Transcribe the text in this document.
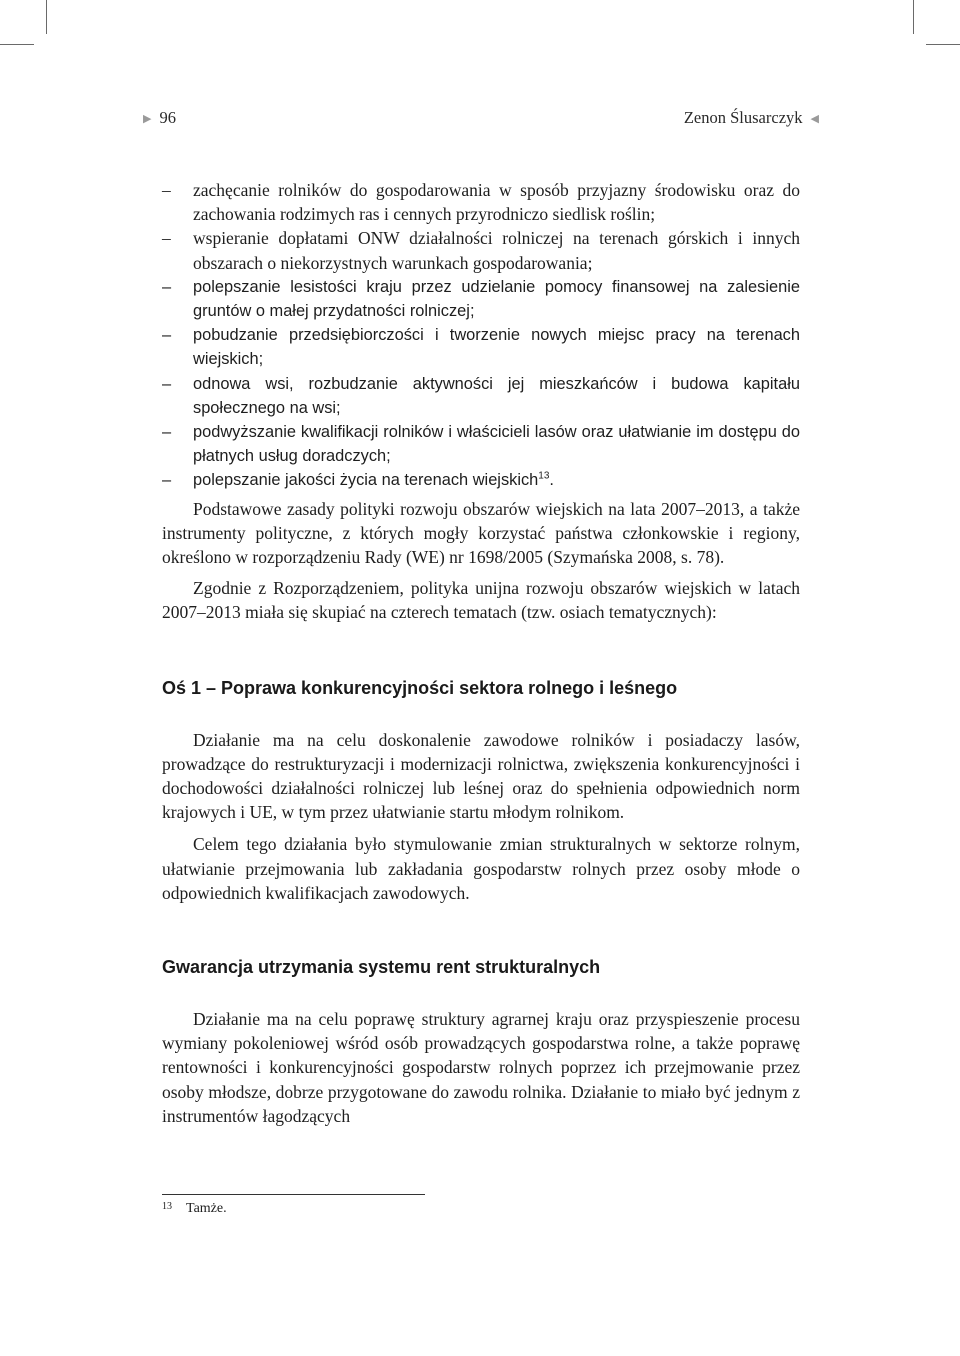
▶ 96	Zenon Ślusarczyk ◀
– zachęcanie rolników do gospodarowania w sposób przyjazny środowisku oraz do zachowania rodzimych ras i cennych przyrodniczo siedlisk roślin;
– wspieranie dopłatami ONW działalności rolniczej na terenach górskich i innych obszarach o niekorzystnych warunkach gospodarowania;
– polepszanie lesistości kraju przez udzielanie pomocy finansowej na zalesienie gruntów o małej przydatności rolniczej;
– pobudzanie przedsiębiorczości i tworzenie nowych miejsc pracy na terenach wiejskich;
– odnowa wsi, rozbudzanie aktywności jej mieszkańców i budowa kapitału społecznego na wsi;
– podwyższanie kwalifikacji rolników i właścicieli lasów oraz ułatwianie im dostępu do płatnych usług doradczych;
– polepszanie jakości życia na terenach wiejskich$^{13}$.

Podstawowe zasady polityki rozwoju obszarów wiejskich na lata 2007–2013, a także instrumenty polityczne, z których mogły korzystać państwa członkowskie i regiony, określono w rozporządzeniu Rady (WE) nr 1698/2005 (Szymańska 2008, s. 78).

Zgodnie z Rozporządzeniem, polityka unijna rozwoju obszarów wiejskich w latach 2007–2013 miała się skupiać na czterech tematach (tzw. osiach tematycznych):

Oś 1 – Poprawa konkurencyjności sektora rolnego i leśnego

Działanie ma na celu doskonalenie zawodowe rolników i posiadaczy lasów, prowadzące do restrukturyzacji i modernizacji rolnictwa, zwiększenia konkurencyjności i dochodowości działalności rolniczej lub leśnej oraz do spełnienia odpowiednich norm krajowych i UE, w tym przez ułatwianie startu młodym rolnikom.

Celem tego działania było stymulowanie zmian strukturalnych w sektorze rolnym, ułatwianie przejmowania lub zakładania gospodarstw rolnych przez osoby młode o odpowiednich kwalifikacjach zawodowych.

Gwarancja utrzymania systemu rent strukturalnych

Działanie ma na celu poprawę struktury agrarnej kraju oraz przyspieszenie procesu wymiany pokoleniowej wśród osób prowadzących gospodarstwa rolne, a także poprawę rentowności i konkurencyjności gospodarstw rolnych poprzez ich przejmowanie przez osoby młodsze, dobrze przygotowane do zawodu rolnika. Działanie to miało być jednym z instrumentów łagodzących

13 Tamże.
